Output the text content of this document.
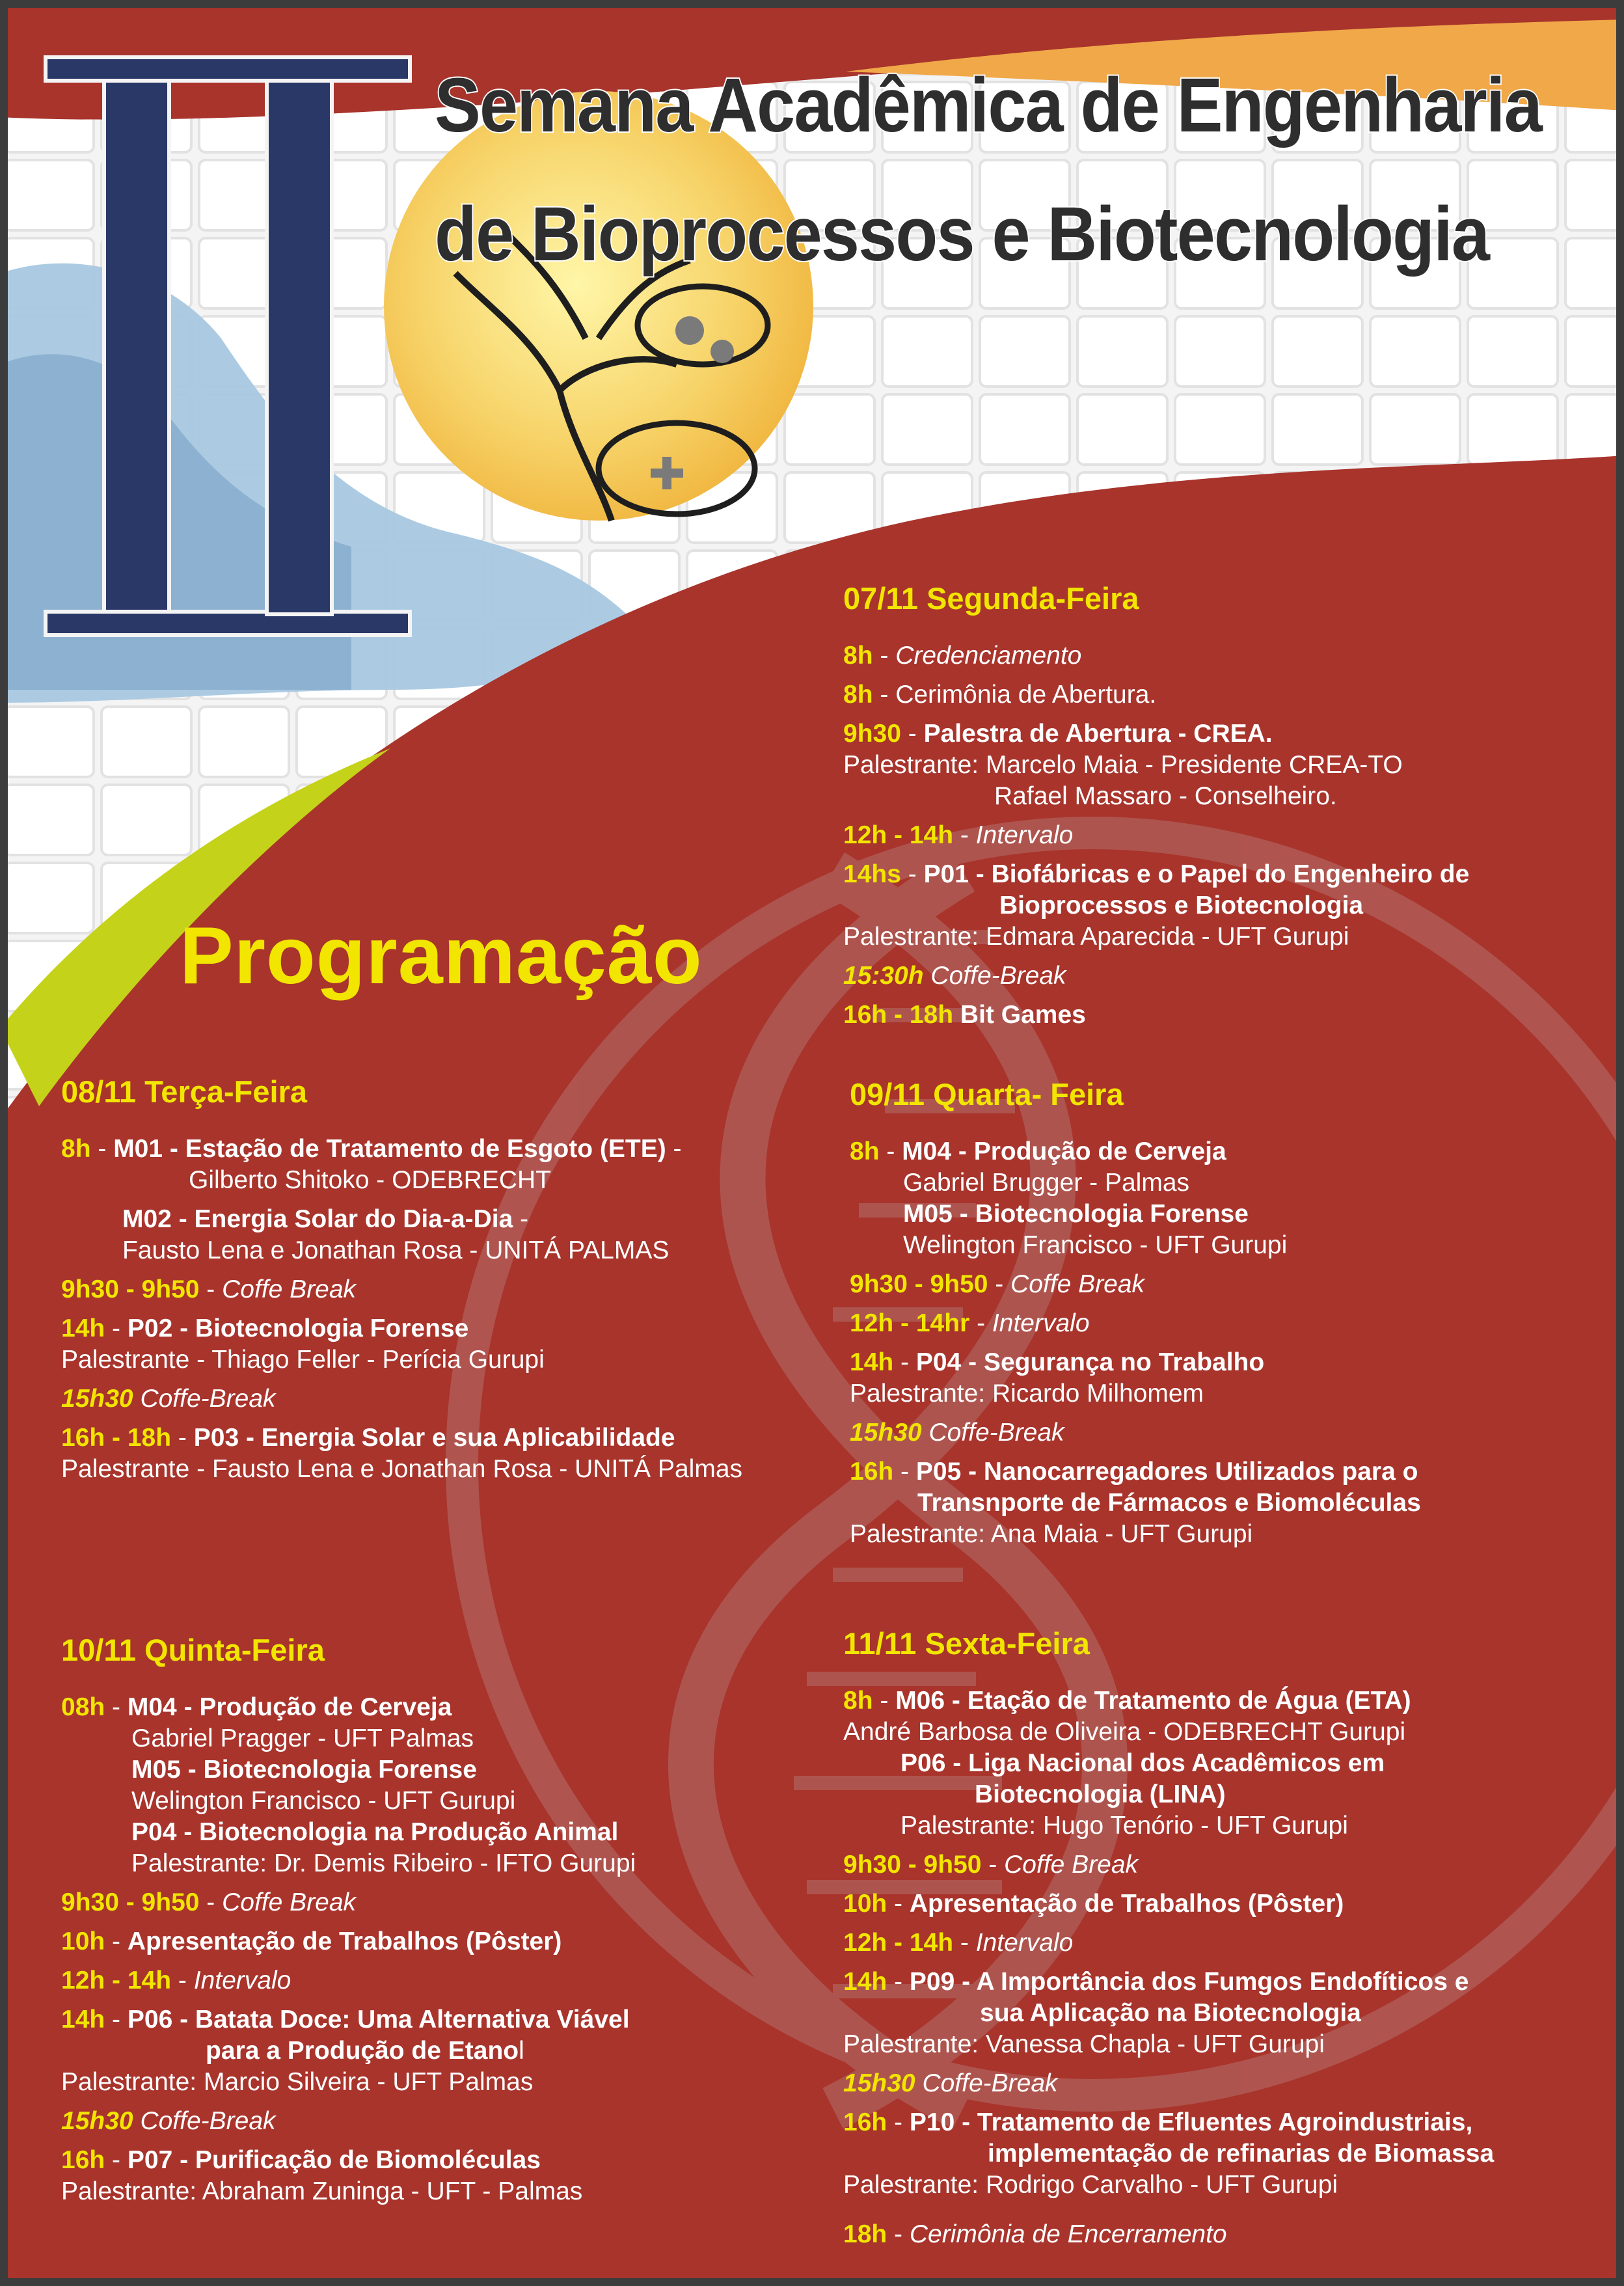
Semana Acadêmica de Engenharia
de Bioprocessos e Biotecnologia
Programação
07/11 Segunda-Feira
8h - Credenciamento
8h - Cerimônia de Abertura.
9h30 - Palestra de Abertura - CREA.
Palestrante: Marcelo Maia - Presidente CREA-TO
Rafael Massaro - Conselheiro.
12h - 14h - Intervalo
14hs - P01 - Biofábricas e o Papel do Engenheiro de
Bioprocessos e Biotecnologia
Palestrante: Edmara Aparecida - UFT Gurupi
15:30h Coffe-Break
16h - 18h Bit Games
08/11 Terça-Feira
8h - M01 - Estação de Tratamento de Esgoto (ETE) -
Gilberto Shitoko - ODEBRECHT
M02 - Energia Solar do Dia-a-Dia -
Fausto Lena e Jonathan Rosa - UNITÁ PALMAS
9h30 - 9h50 - Coffe Break
14h - P02 - Biotecnologia Forense
Palestrante - Thiago Feller - Perícia Gurupi
15h30 Coffe-Break
16h - 18h - P03 - Energia Solar e sua Aplicabilidade
Palestrante - Fausto Lena e Jonathan Rosa - UNITÁ Palmas
09/11 Quarta- Feira
8h - M04 - Produção de Cerveja
Gabriel Brugger - Palmas
M05 - Biotecnologia Forense
Welington Francisco - UFT Gurupi
9h30 - 9h50 - Coffe Break
12h - 14hr - Intervalo
14h - P04 - Segurança no Trabalho
Palestrante: Ricardo Milhomem
15h30 Coffe-Break
16h - P05 - Nanocarregadores Utilizados para o
Transnporte de Fármacos e Biomoléculas
Palestrante: Ana Maia - UFT Gurupi
10/11 Quinta-Feira
08h - M04 - Produção de Cerveja
Gabriel Pragger - UFT Palmas
M05 - Biotecnologia Forense
Welington Francisco - UFT Gurupi
P04 - Biotecnologia na Produção Animal
Palestrante: Dr. Demis Ribeiro - IFTO Gurupi
9h30 - 9h50 - Coffe Break
10h - Apresentação de Trabalhos (Pôster)
12h - 14h - Intervalo
14h - P06 - Batata Doce: Uma Alternativa Viável
para a Produção de Etanol
Palestrante: Marcio Silveira - UFT Palmas
15h30 Coffe-Break
16h - P07 - Purificação de Biomoléculas
Palestrante: Abraham Zuninga - UFT - Palmas
11/11 Sexta-Feira
8h - M06 - Etação de Tratamento de Água (ETA)
André Barbosa de Oliveira - ODEBRECHT Gurupi
P06 - Liga Nacional dos Acadêmicos em
Biotecnologia (LINA)
Palestrante: Hugo Tenório - UFT Gurupi
9h30 - 9h50 - Coffe Break
10h - Apresentação de Trabalhos (Pôster)
12h - 14h - Intervalo
14h - P09 - A Importância dos Fumgos Endofíticos e
sua Aplicação na Biotecnologia
Palestrante: Vanessa Chapla - UFT Gurupi
15h30 Coffe-Break
16h - P10 - Tratamento de Efluentes Agroindustriais,
implementação de refinarias de Biomassa
Palestrante: Rodrigo Carvalho - UFT Gurupi
18h - Cerimônia de Encerramento
